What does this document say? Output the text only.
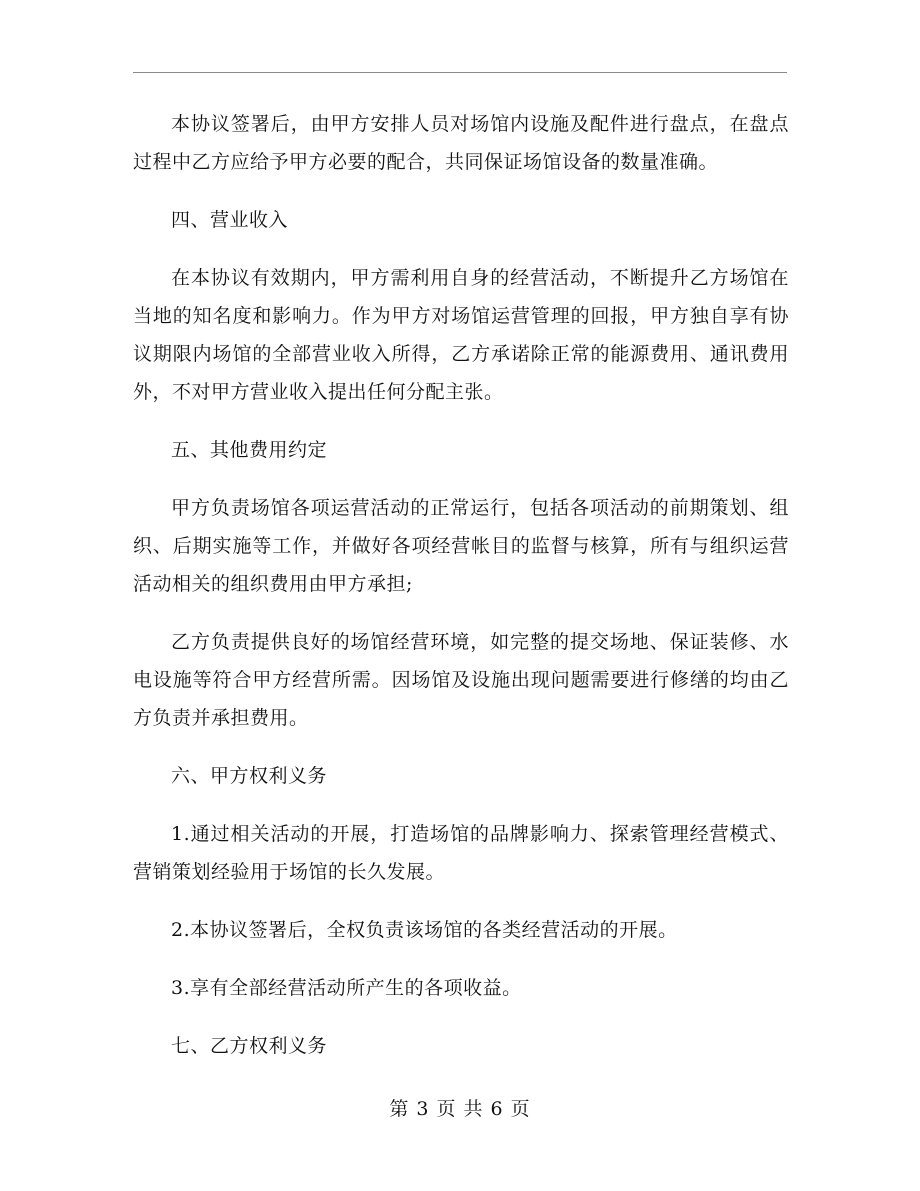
本协议签署后，由甲方安排人员对场馆内设施及配件进行盘点，在盘点过程中乙方应给予甲方必要的配合，共同保证场馆设备的数量准确。

四、营业收入

在本协议有效期内，甲方需利用自身的经营活动，不断提升乙方场馆在当地的知名度和影响力。作为甲方对场馆运营管理的回报，甲方独自享有协议期限内场馆的全部营业收入所得，乙方承诺除正常的能源费用、通讯费用外，不对甲方营业收入提出任何分配主张。

五、其他费用约定

甲方负责场馆各项运营活动的正常运行，包括各项活动的前期策划、组织、后期实施等工作，并做好各项经营帐目的监督与核算，所有与组织运营活动相关的组织费用由甲方承担;

乙方负责提供良好的场馆经营环境，如完整的提交场地、保证装修、水电设施等符合甲方经营所需。因场馆及设施出现问题需要进行修缮的均由乙方负责并承担费用。

六、甲方权利义务

1.通过相关活动的开展，打造场馆的品牌影响力、探索管理经营模式、营销策划经验用于场馆的长久发展。

2.本协议签署后，全权负责该场馆的各类经营活动的开展。

3.享有全部经营活动所产生的各项收益。

七、乙方权利义务

第 3 页 共 6 页
